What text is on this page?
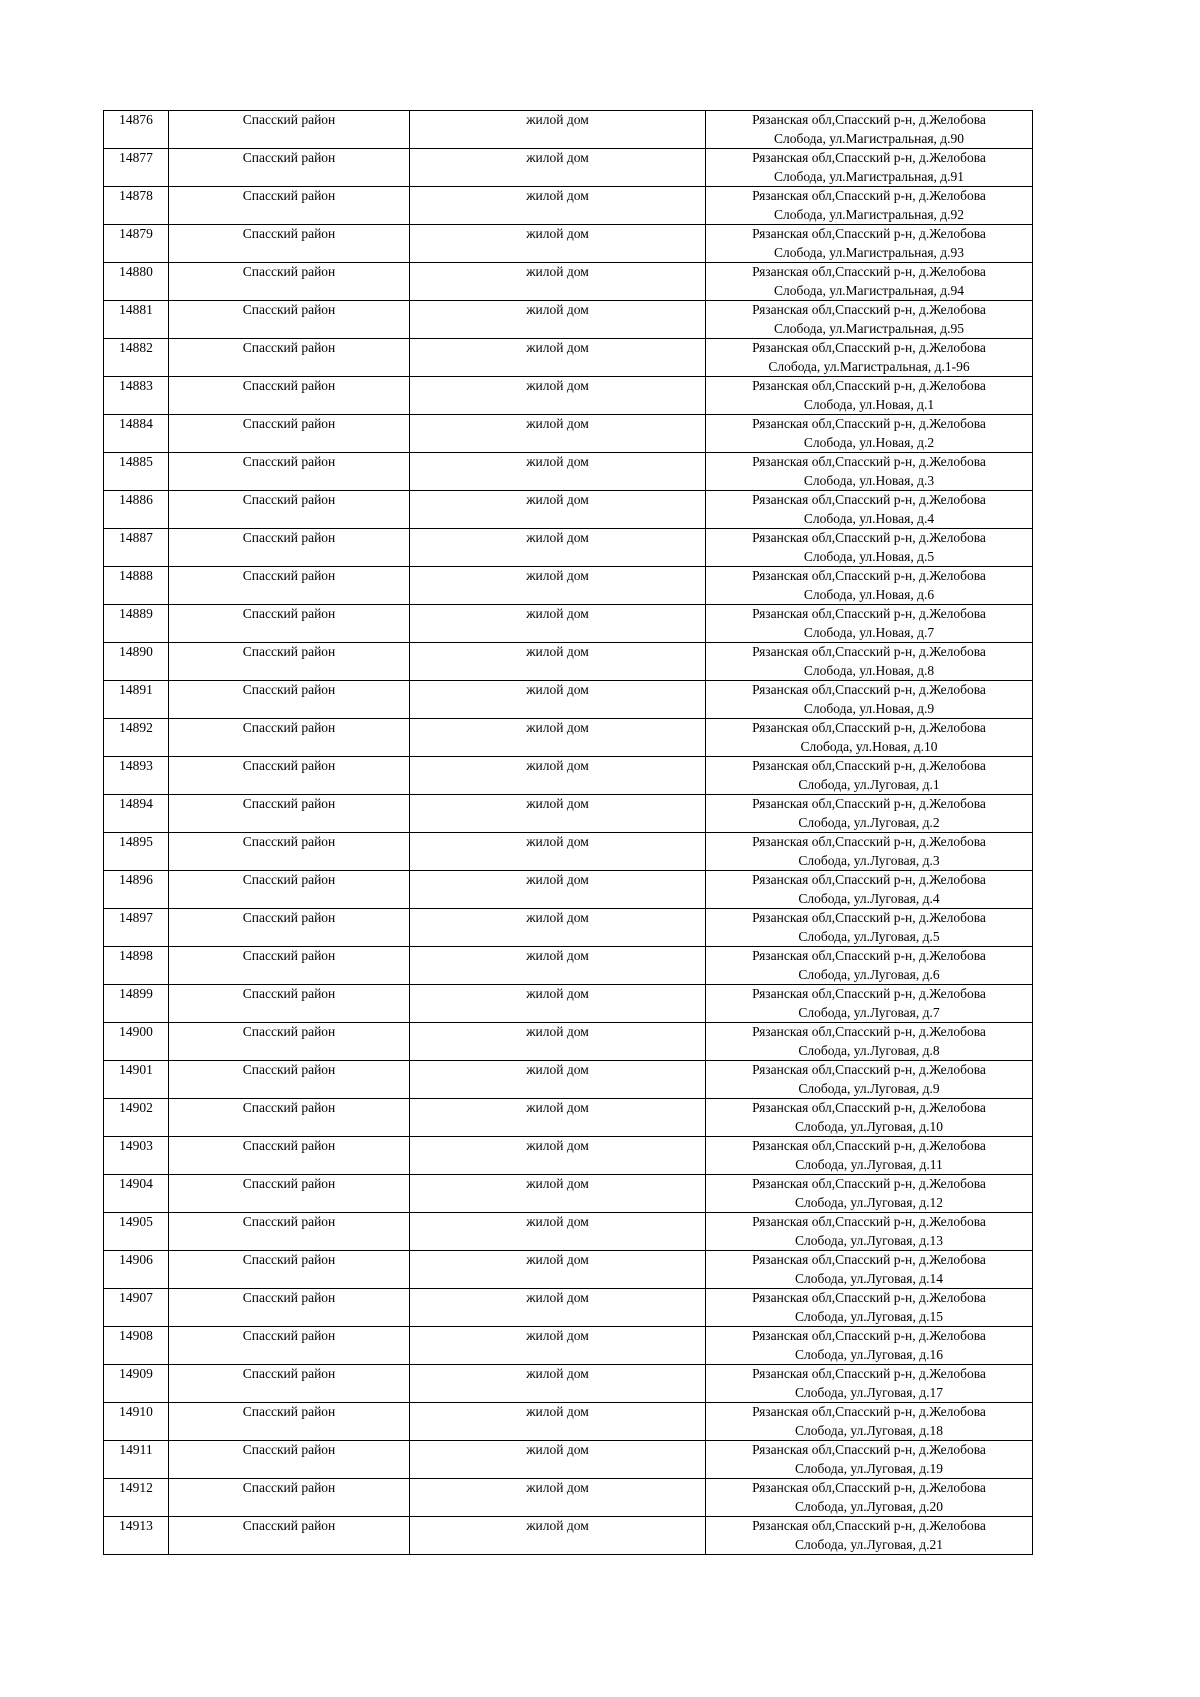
14876	Спасский район	жилой дом	Рязанская обл,Спасский р-н, д.Желобова
Слобода, ул.Магистральная, д.90

14877	Спасский район	жилой дом	Рязанская обл,Спасский р-н, д.Желобова
Слобода, ул.Магистральная, д.91

14878	Спасский район	жилой дом	Рязанская обл,Спасский р-н, д.Желобова
Слобода, ул.Магистральная, д.92

14879	Спасский район	жилой дом	Рязанская обл,Спасский р-н, д.Желобова
Слобода, ул.Магистральная, д.93

14880	Спасский район	жилой дом	Рязанская обл,Спасский р-н, д.Желобова
Слобода, ул.Магистральная, д.94

14881	Спасский район	жилой дом	Рязанская обл,Спасский р-н, д.Желобова
Слобода, ул.Магистральная, д.95

14882	Спасский район	жилой дом	Рязанская обл,Спасский р-н, д.Желобова
Слобода, ул.Магистральная, д.1-96

14883	Спасский район	жилой дом	Рязанская обл,Спасский р-н, д.Желобова
Слобода, ул.Новая, д.1

14884	Спасский район	жилой дом	Рязанская обл,Спасский р-н, д.Желобова
Слобода, ул.Новая, д.2

14885	Спасский район	жилой дом	Рязанская обл,Спасский р-н, д.Желобова
Слобода, ул.Новая, д.3

14886	Спасский район	жилой дом	Рязанская обл,Спасский р-н, д.Желобова
Слобода, ул.Новая, д.4

14887	Спасский район	жилой дом	Рязанская обл,Спасский р-н, д.Желобова
Слобода, ул.Новая, д.5

14888	Спасский район	жилой дом	Рязанская обл,Спасский р-н, д.Желобова
Слобода, ул.Новая, д.6

14889	Спасский район	жилой дом	Рязанская обл,Спасский р-н, д.Желобова
Слобода, ул.Новая, д.7

14890	Спасский район	жилой дом	Рязанская обл,Спасский р-н, д.Желобова
Слобода, ул.Новая, д.8

14891	Спасский район	жилой дом	Рязанская обл,Спасский р-н, д.Желобова
Слобода, ул.Новая, д.9

14892	Спасский район	жилой дом	Рязанская обл,Спасский р-н, д.Желобова
Слобода, ул.Новая, д.10

14893	Спасский район	жилой дом	Рязанская обл,Спасский р-н, д.Желобова
Слобода, ул.Луговая, д.1

14894	Спасский район	жилой дом	Рязанская обл,Спасский р-н, д.Желобова
Слобода, ул.Луговая, д.2

14895	Спасский район	жилой дом	Рязанская обл,Спасский р-н, д.Желобова
Слобода, ул.Луговая, д.3

14896	Спасский район	жилой дом	Рязанская обл,Спасский р-н, д.Желобова
Слобода, ул.Луговая, д.4

14897	Спасский район	жилой дом	Рязанская обл,Спасский р-н, д.Желобова
Слобода, ул.Луговая, д.5

14898	Спасский район	жилой дом	Рязанская обл,Спасский р-н, д.Желобова
Слобода, ул.Луговая, д.6

14899	Спасский район	жилой дом	Рязанская обл,Спасский р-н, д.Желобова
Слобода, ул.Луговая, д.7

14900	Спасский район	жилой дом	Рязанская обл,Спасский р-н, д.Желобова
Слобода, ул.Луговая, д.8

14901	Спасский район	жилой дом	Рязанская обл,Спасский р-н, д.Желобова
Слобода, ул.Луговая, д.9

14902	Спасский район	жилой дом	Рязанская обл,Спасский р-н, д.Желобова
Слобода, ул.Луговая, д.10

14903	Спасский район	жилой дом	Рязанская обл,Спасский р-н, д.Желобова
Слобода, ул.Луговая, д.11

14904	Спасский район	жилой дом	Рязанская обл,Спасский р-н, д.Желобова
Слобода, ул.Луговая, д.12

14905	Спасский район	жилой дом	Рязанская обл,Спасский р-н, д.Желобова
Слобода, ул.Луговая, д.13

14906	Спасский район	жилой дом	Рязанская обл,Спасский р-н, д.Желобова
Слобода, ул.Луговая, д.14

14907	Спасский район	жилой дом	Рязанская обл,Спасский р-н, д.Желобова
Слобода, ул.Луговая, д.15

14908	Спасский район	жилой дом	Рязанская обл,Спасский р-н, д.Желобова
Слобода, ул.Луговая, д.16

14909	Спасский район	жилой дом	Рязанская обл,Спасский р-н, д.Желобова
Слобода, ул.Луговая, д.17

14910	Спасский район	жилой дом	Рязанская обл,Спасский р-н, д.Желобова
Слобода, ул.Луговая, д.18

14911	Спасский район	жилой дом	Рязанская обл,Спасский р-н, д.Желобова
Слобода, ул.Луговая, д.19

14912	Спасский район	жилой дом	Рязанская обл,Спасский р-н, д.Желобова
Слобода, ул.Луговая, д.20

14913	Спасский район	жилой дом	Рязанская обл,Спасский р-н, д.Желобова
Слобода, ул.Луговая, д.21
